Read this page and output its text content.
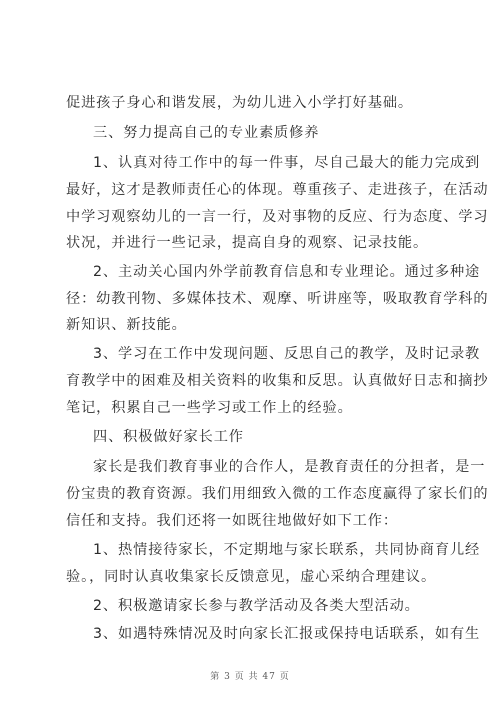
促进孩子身心和谐发展，为幼儿进入小学打好基础。
三、努力提高自己的专业素质修养
1、认真对待工作中的每一件事，尽自己最大的能力完成到
最好，这才是教师责任心的体现。尊重孩子、走进孩子，在活动
中学习观察幼儿的一言一行，及对事物的反应、行为态度、学习
状况，并进行一些记录，提高自身的观察、记录技能。
2、主动关心国内外学前教育信息和专业理论。通过多种途
径：幼教刊物、多媒体技术、观摩、听讲座等，吸取教育学科的
新知识、新技能。
3、学习在工作中发现问题、反思自己的教学，及时记录教
育教学中的困难及相关资料的收集和反思。认真做好日志和摘抄
笔记，积累自己一些学习或工作上的经验。
四、积极做好家长工作
家长是我们教育事业的合作人，是教育责任的分担者，是一
份宝贵的教育资源。我们用细致入微的工作态度赢得了家长们的
信任和支持。我们还将一如既往地做好如下工作：
1、热情接待家长，不定期地与家长联系，共同协商育儿经
验。，同时认真收集家长反馈意见，虚心采纳合理建议。
2、积极邀请家长参与教学活动及各类大型活动。
3、如遇特殊情况及时向家长汇报或保持电话联系，如有生
第 3 页 共 47 页
